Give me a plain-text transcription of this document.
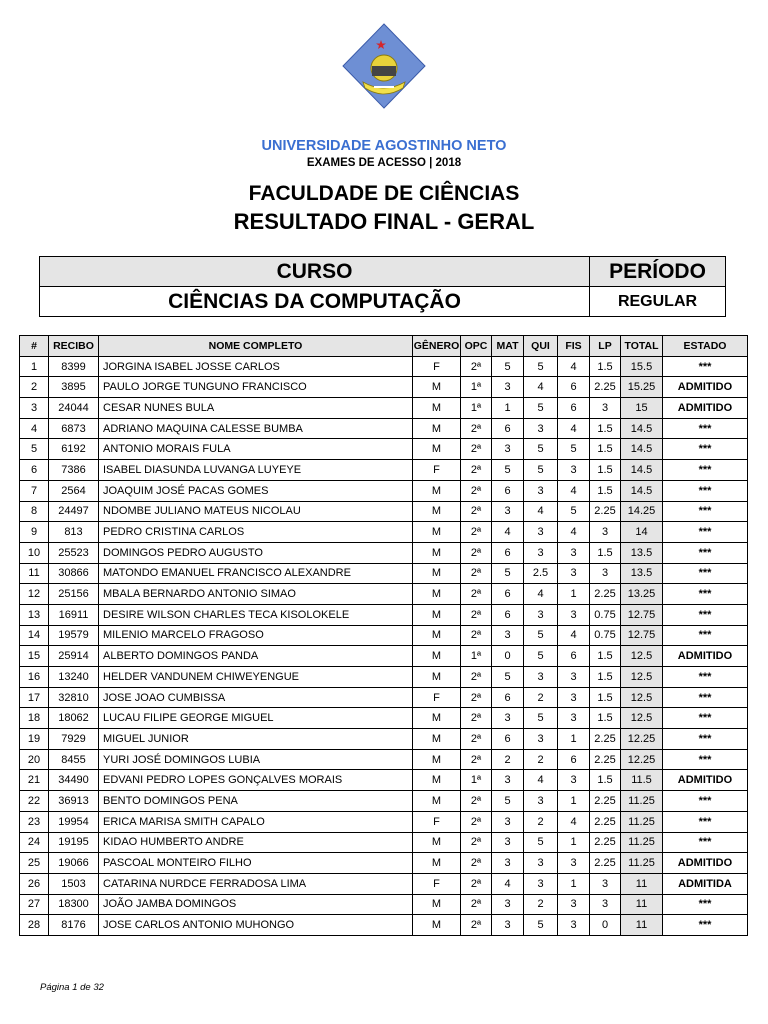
UNIVERSIDADE AGOSTINHO NETO
EXAMES DE ACESSO | 2018
FACULDADE DE CIÊNCIAS
RESULTADO FINAL - GERAL
CURSO	PERÍODO
CIÊNCIAS DA COMPUTAÇÃO	REGULAR
#	RECIBO	NOME COMPLETO	GÊNERO	OPC	MAT	QUI	FIS	LP	TOTAL	ESTADO
1	8399	JORGINA ISABEL JOSSE CARLOS	F	2ª	5	5	4	1.5	15.5	***
2	3895	PAULO JORGE TUNGUNO FRANCISCO	M	1ª	3	4	6	2.25	15.25	ADMITIDO
3	24044	CESAR NUNES BULA	M	1ª	1	5	6	3	15	ADMITIDO
4	6873	ADRIANO MAQUINA CALESSE BUMBA	M	2ª	6	3	4	1.5	14.5	***
5	6192	ANTONIO MORAIS FULA	M	2ª	3	5	5	1.5	14.5	***
6	7386	ISABEL DIASUNDA LUVANGA LUYEYE	F	2ª	5	5	3	1.5	14.5	***
7	2564	JOAQUIM JOSÉ PACAS GOMES	M	2ª	6	3	4	1.5	14.5	***
8	24497	NDOMBE JULIANO MATEUS NICOLAU	M	2ª	3	4	5	2.25	14.25	***
9	813	PEDRO CRISTINA CARLOS	M	2ª	4	3	4	3	14	***
10	25523	DOMINGOS PEDRO AUGUSTO	M	2ª	6	3	3	1.5	13.5	***
11	30866	MATONDO EMANUEL FRANCISCO ALEXANDRE	M	2ª	5	2.5	3	3	13.5	***
12	25156	MBALA BERNARDO ANTONIO SIMAO	M	2ª	6	4	1	2.25	13.25	***
13	16911	DESIRE WILSON CHARLES TECA KISOLOKELE	M	2ª	6	3	3	0.75	12.75	***
14	19579	MILENIO MARCELO FRAGOSO	M	2ª	3	5	4	0.75	12.75	***
15	25914	ALBERTO DOMINGOS PANDA	M	1ª	0	5	6	1.5	12.5	ADMITIDO
16	13240	HELDER VANDUNEM CHIWEYENGUE	M	2ª	5	3	3	1.5	12.5	***
17	32810	JOSE JOAO CUMBISSA	F	2ª	6	2	3	1.5	12.5	***
18	18062	LUCAU FILIPE GEORGE MIGUEL	M	2ª	3	5	3	1.5	12.5	***
19	7929	MIGUEL JUNIOR	M	2ª	6	3	1	2.25	12.25	***
20	8455	YURI JOSÉ DOMINGOS LUBIA	M	2ª	2	2	6	2.25	12.25	***
21	34490	EDVANI PEDRO LOPES GONÇALVES MORAIS	M	1ª	3	4	3	1.5	11.5	ADMITIDO
22	36913	BENTO DOMINGOS PENA	M	2ª	5	3	1	2.25	11.25	***
23	19954	ERICA MARISA SMITH CAPALO	F	2ª	3	2	4	2.25	11.25	***
24	19195	KIDAO HUMBERTO ANDRE	M	2ª	3	5	1	2.25	11.25	***
25	19066	PASCOAL MONTEIRO FILHO	M	2ª	3	3	3	2.25	11.25	ADMITIDO
26	1503	CATARINA NURDCE FERRADOSA LIMA	F	2ª	4	3	1	3	11	ADMITIDA
27	18300	JOÃO JAMBA DOMINGOS	M	2ª	3	2	3	3	11	***
28	8176	JOSE CARLOS ANTONIO MUHONGO	M	2ª	3	5	3	0	11	***
Página 1 de 32
